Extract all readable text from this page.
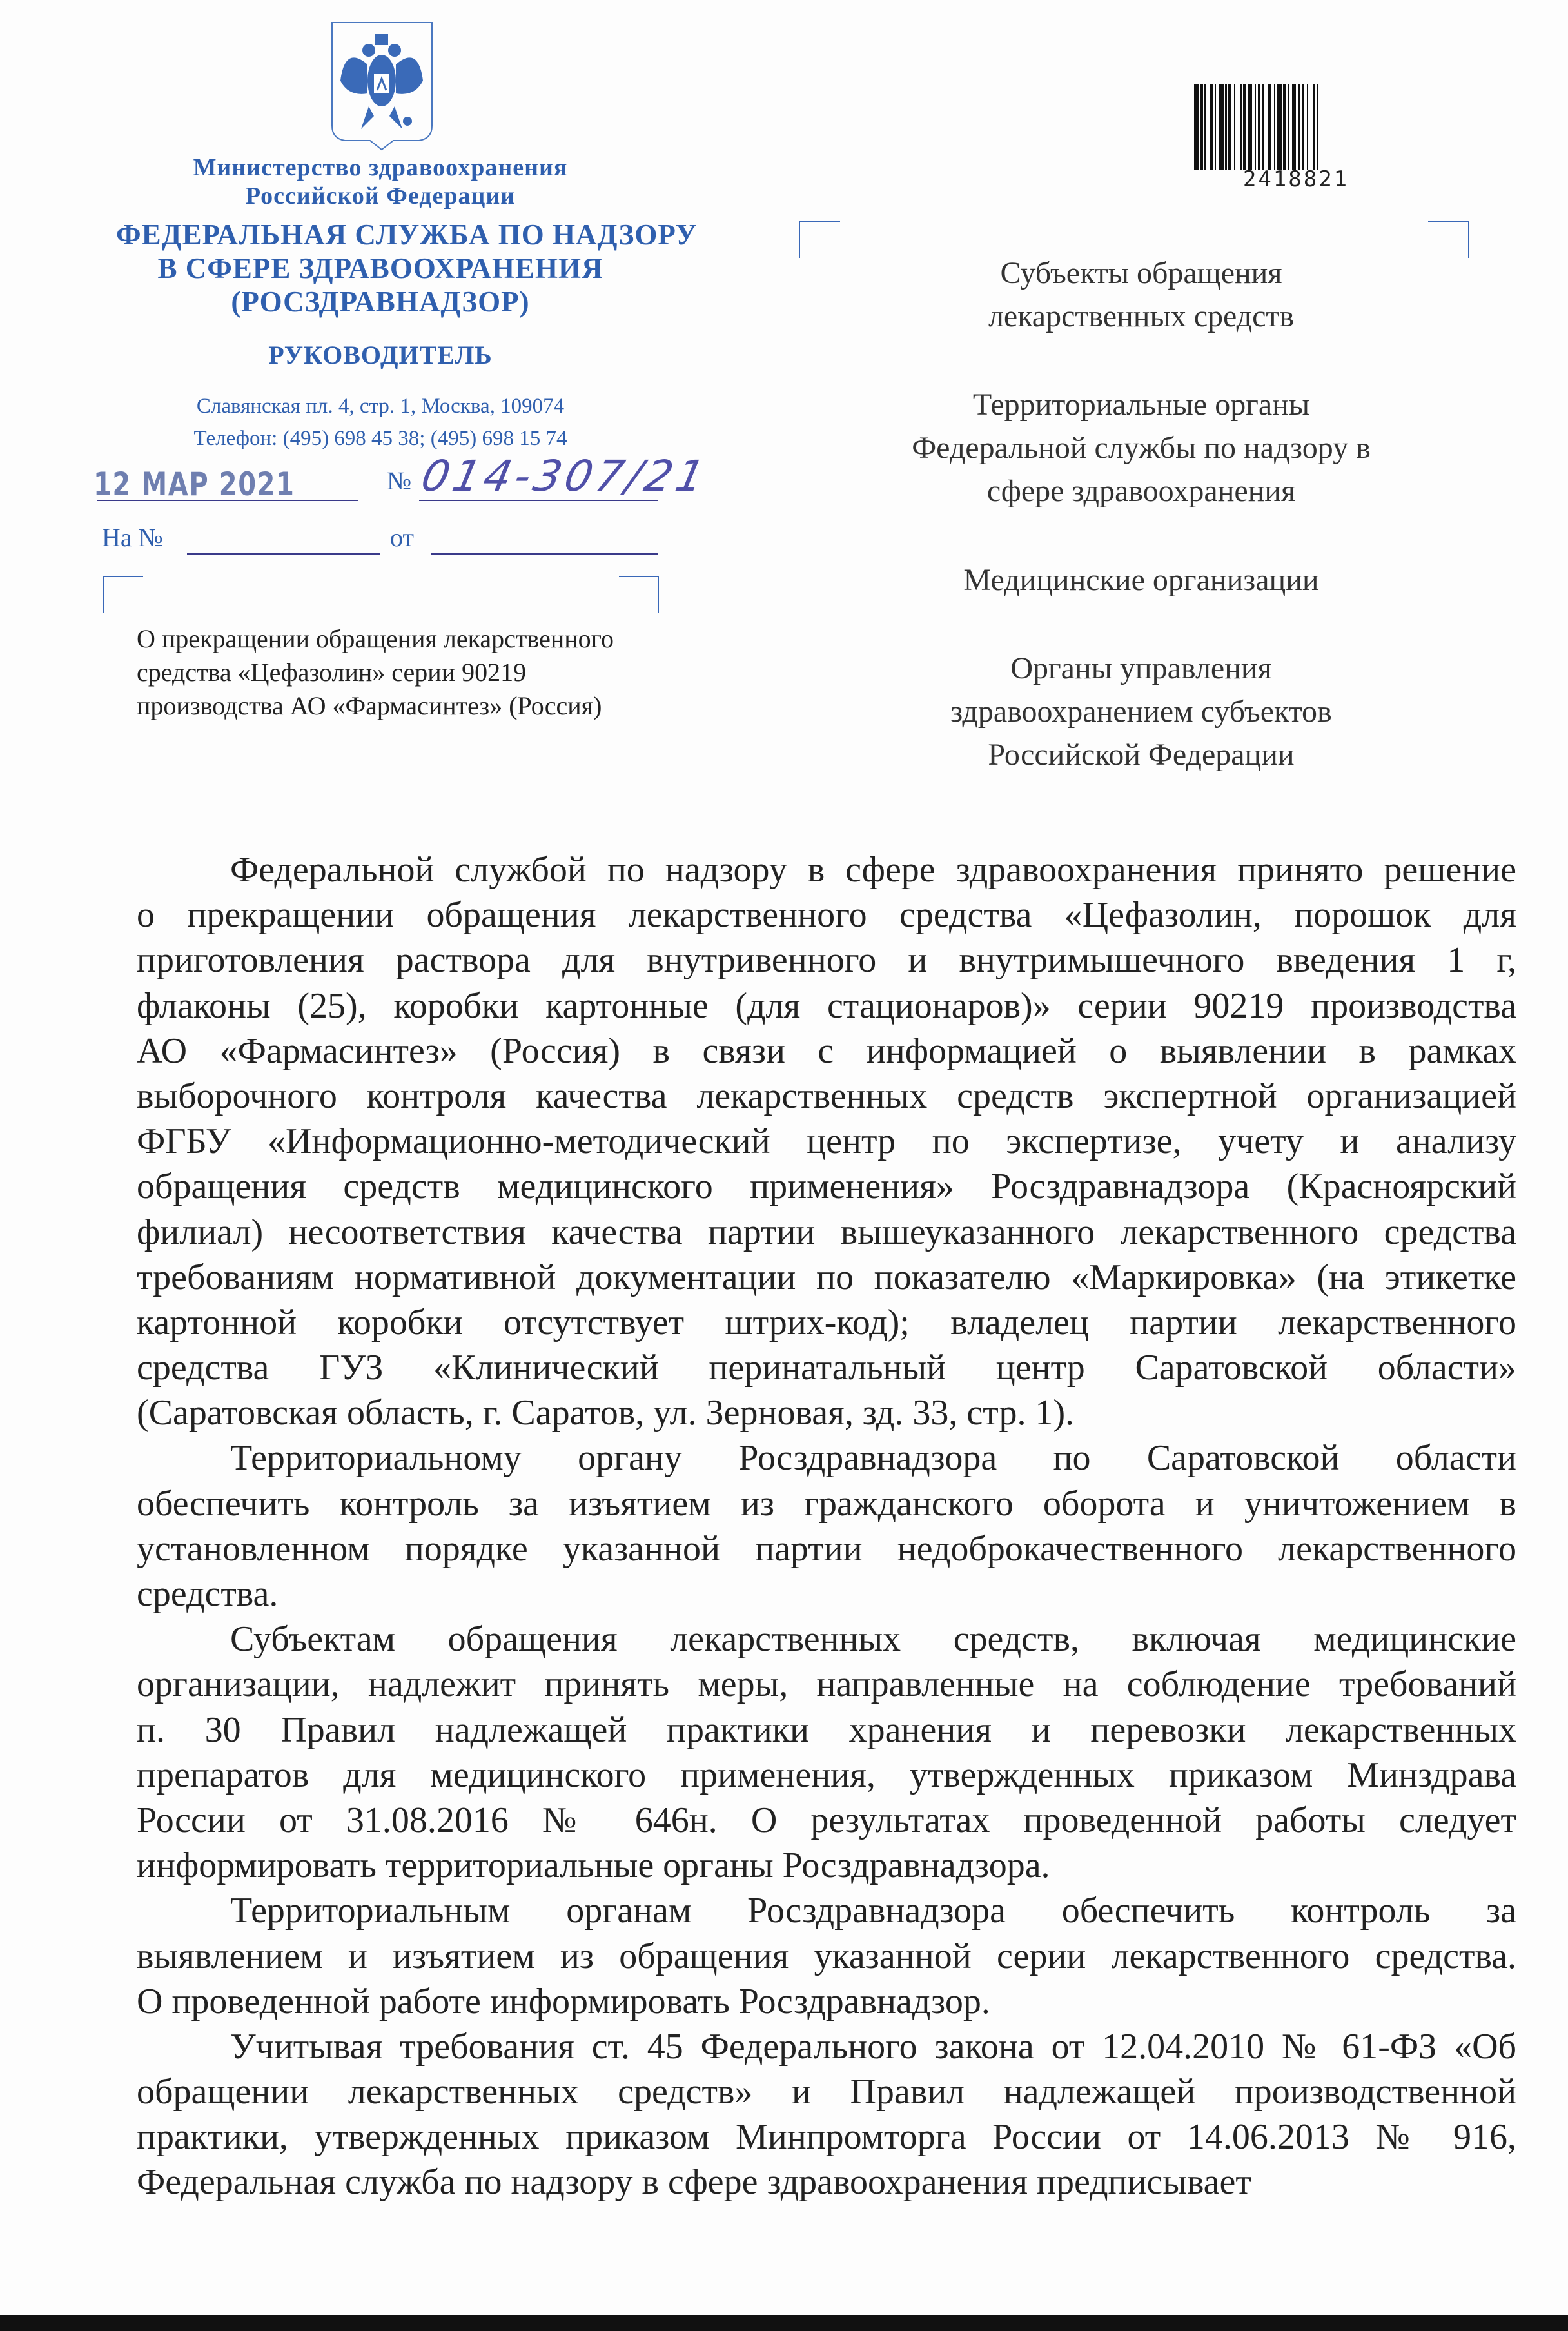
Министерство здравоохранения
Российской Федерации
ФЕДЕРАЛЬНАЯ СЛУЖБА ПО НАДЗОРУ
В СФЕРЕ ЗДРАВООХРАНЕНИЯ
(РОСЗДРАВНАДЗОР)
РУКОВОДИТЕЛЬ
Славянская пл. 4, стр. 1, Москва, 109074
Телефон: (495) 698 45 38; (495) 698 15 74
12 МАР 2021	№ 014-307/21
На №	от
О прекращении обращения лекарственного
средства «Цефазолин» серии 90219
производства АО «Фармасинтез» (Россия)
2418821
Субъекты обращения
лекарственных средств
Территориальные органы
Федеральной службы по надзору в
сфере здравоохранения
Медицинские организации
Органы управления
здравоохранением субъектов
Российской Федерации
Федеральной службой по надзору в сфере здравоохранения принято решение
о прекращении обращения лекарственного средства «Цефазолин, порошок для
приготовления раствора для внутривенного и внутримышечного введения 1 г,
флаконы (25), коробки картонные (для стационаров)» серии 90219 производства
АО «Фармасинтез» (Россия) в связи с информацией о выявлении в рамках
выборочного контроля качества лекарственных средств экспертной организацией
ФГБУ «Информационно-методический центр по экспертизе, учету и анализу
обращения средств медицинского применения» Росздравнадзора (Красноярский
филиал) несоответствия качества партии вышеуказанного лекарственного средства
требованиям нормативной документации по показателю «Маркировка» (на этикетке
картонной коробки отсутствует штрих-код); владелец партии лекарственного
средства ГУЗ «Клинический перинатальный центр Саратовской области»
(Саратовская область, г. Саратов, ул. Зерновая, зд. 33, стр. 1).
Территориальному органу Росздравнадзора по Саратовской области
обеспечить контроль за изъятием из гражданского оборота и уничтожением в
установленном порядке указанной партии недоброкачественного лекарственного
средства.
Субъектам обращения лекарственных средств, включая медицинские
организации, надлежит принять меры, направленные на соблюдение требований
п. 30 Правил надлежащей практики хранения и перевозки лекарственных
препаратов для медицинского применения, утвержденных приказом Минздрава
России от 31.08.2016 № 646н. О результатах проведенной работы следует
информировать территориальные органы Росздравнадзора.
Территориальным органам Росздравнадзора обеспечить контроль за
выявлением и изъятием из обращения указанной серии лекарственного средства.
О проведенной работе информировать Росздравнадзор.
Учитывая требования ст. 45 Федерального закона от 12.04.2010 № 61-ФЗ «Об
обращении лекарственных средств» и Правил надлежащей производственной
практики, утвержденных приказом Минпромторга России от 14.06.2013 № 916,
Федеральная служба по надзору в сфере здравоохранения предписывает
